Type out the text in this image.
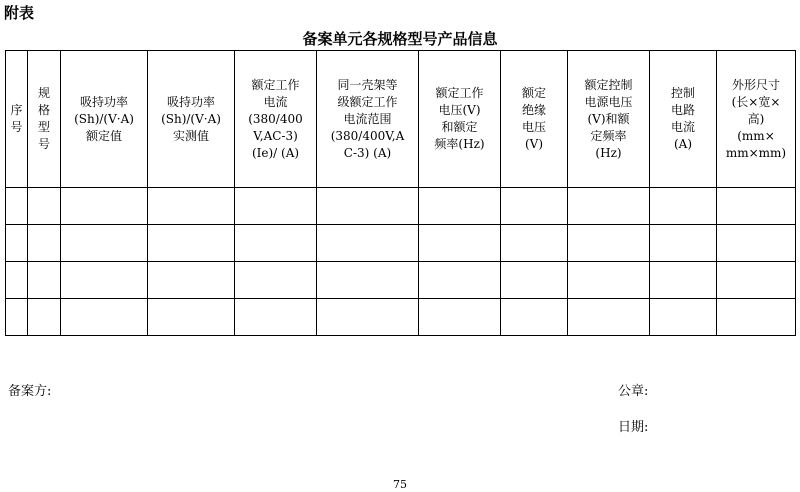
附表
备案单元各规格型号产品信息
序
号	规
格
型
号	吸持功率
(Sh)/(V·A)
额定值	吸持功率
(Sh)/(V·A)
实测值	额定工作
电流
(380/400
V,AC-3)
(Ie)/ (A)	同一壳架等
级额定工作
电流范围
(380/400V,A
C-3) (A)	额定工作
电压(V)
和额定
频率(Hz)	额定
绝缘
电压
(V)	额定控制
电源电压
(V)和额
定频率
(Hz)	控制
电路
电流
(A)	外形尺寸
(长×宽×
高)
(mm×
mm×mm)

备案方:	公章:
日期:
75
